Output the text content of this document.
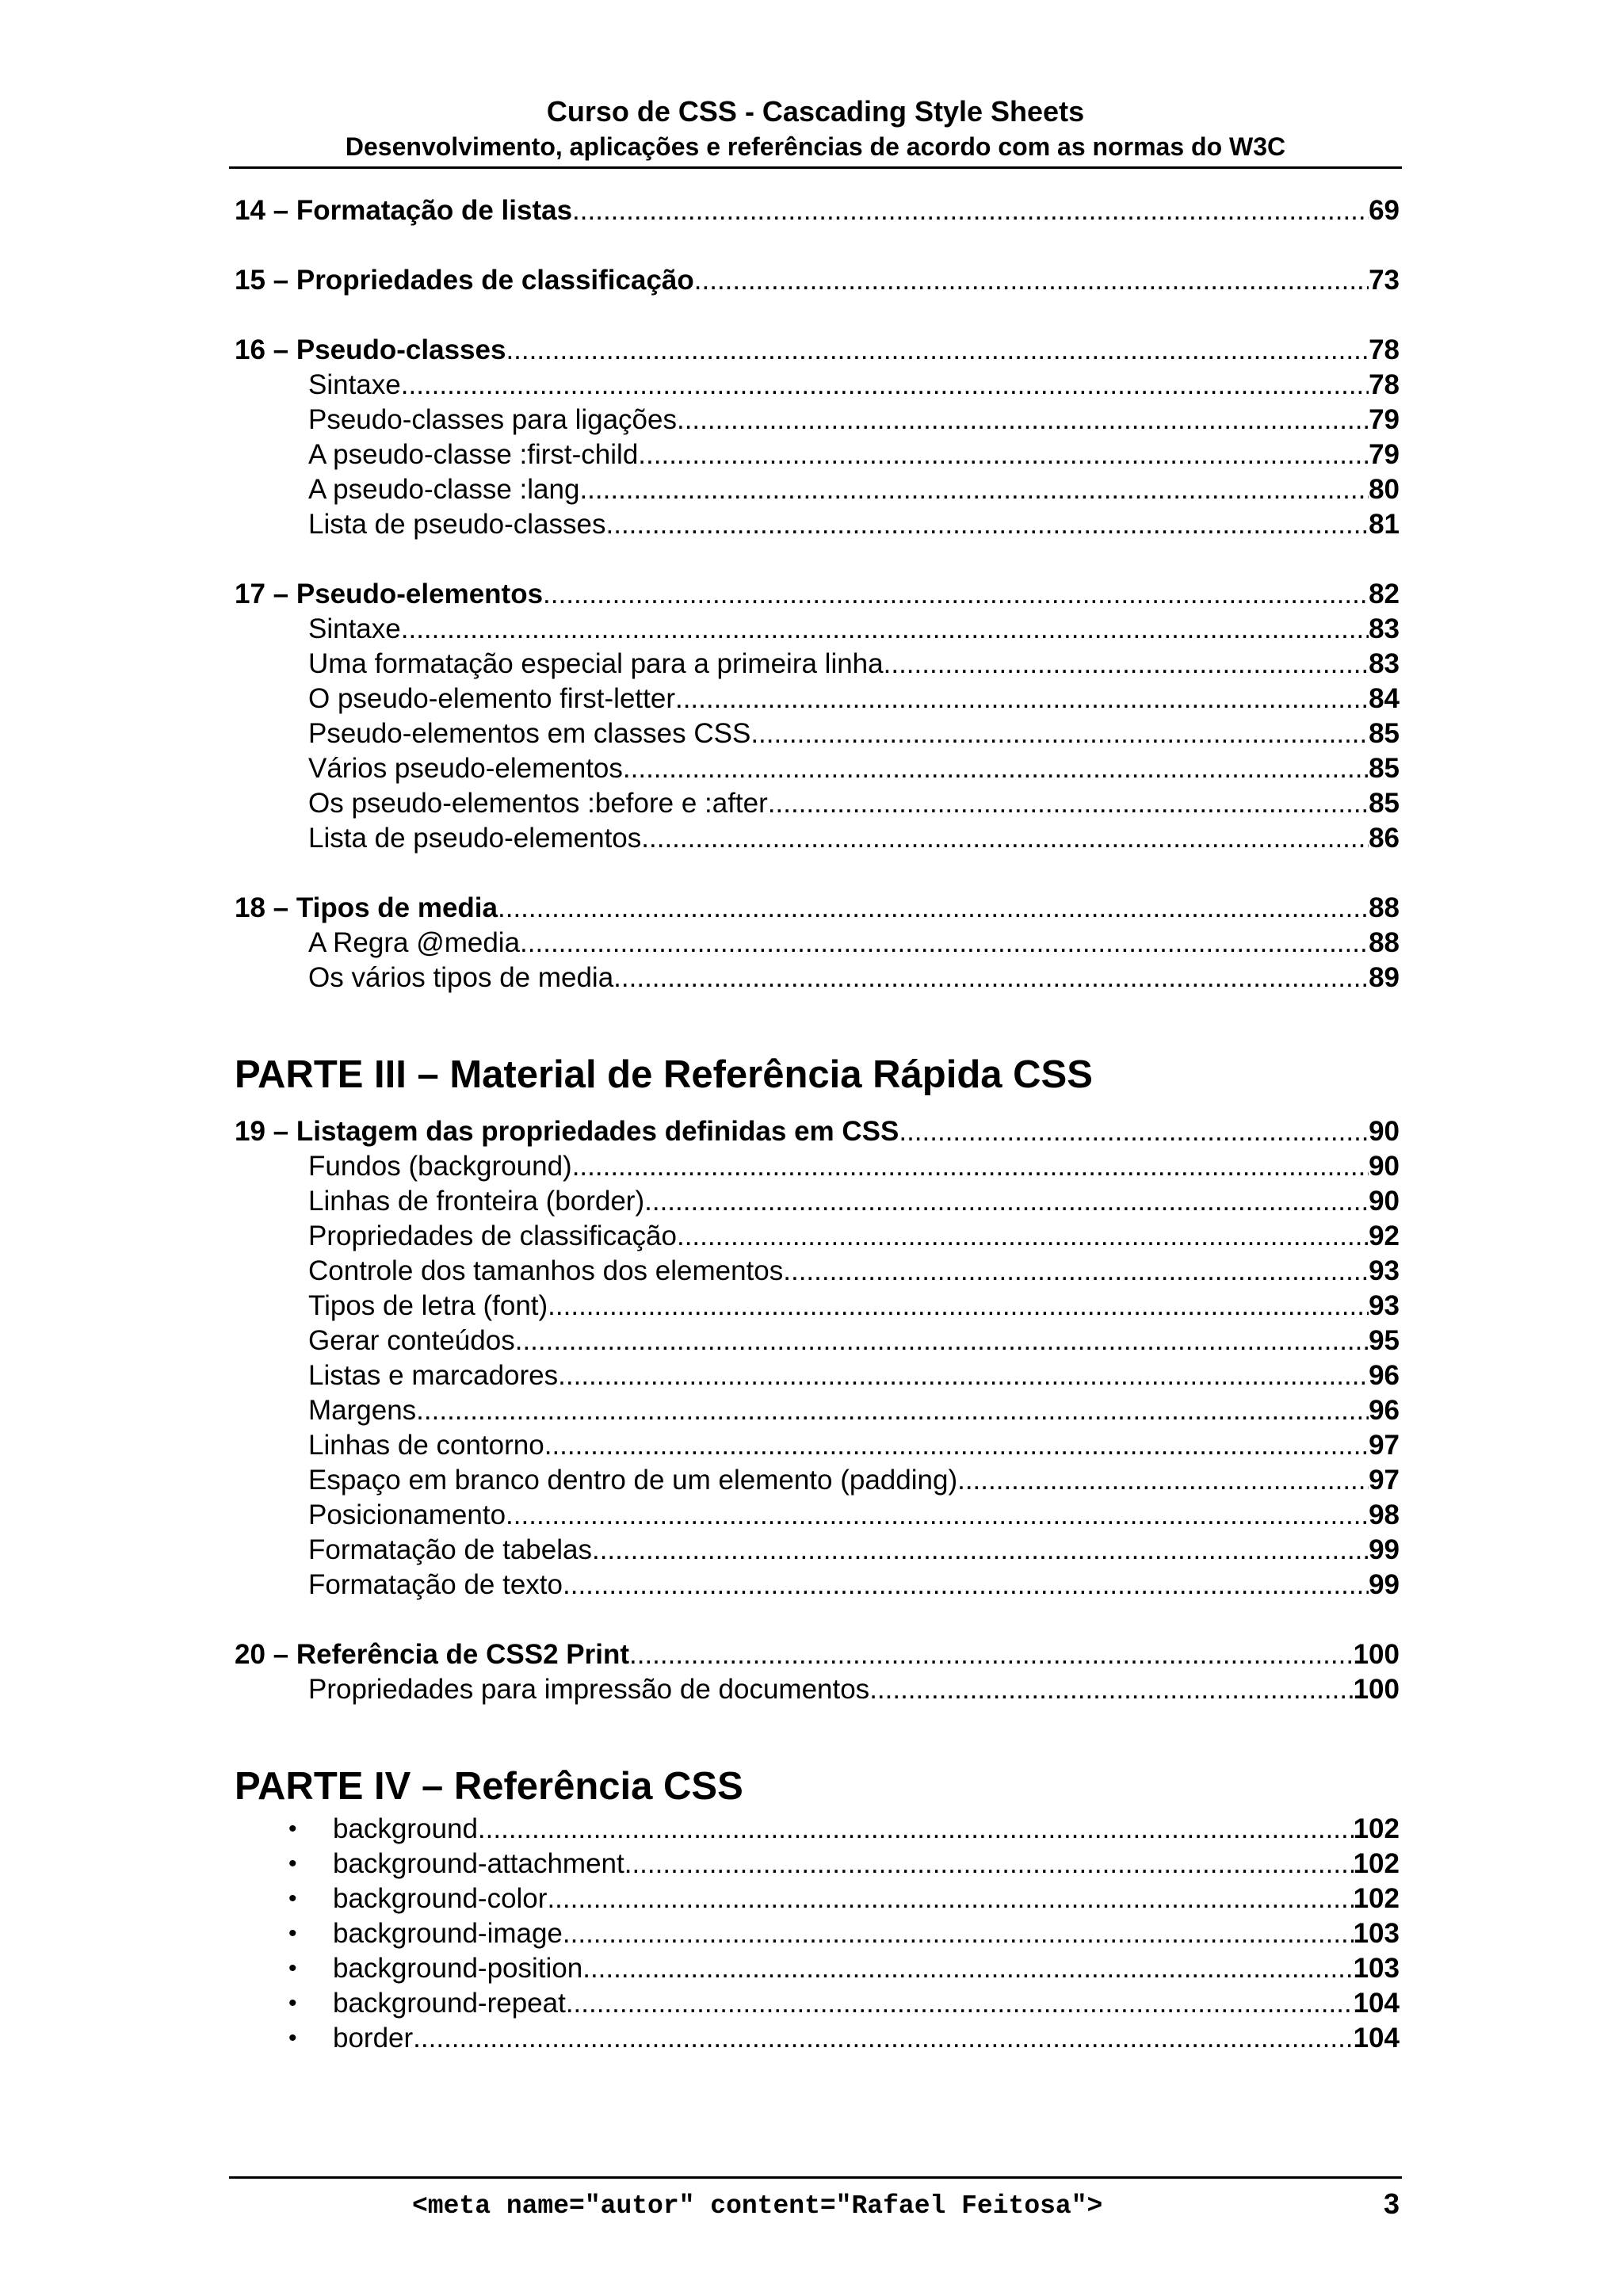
Curso de CSS - Cascading Style Sheets
Desenvolvimento, aplicações e referências de acordo com as normas do W3C
14 – Formatação de listas .....	69
15 – Propriedades de classificação .....	73
16 – Pseudo-classes .....	78
Sintaxe .....	78
Pseudo-classes para ligações .....	79
A pseudo-classe :first-child .....	79
A pseudo-classe :lang .....	80
Lista de pseudo-classes .....	81
17 – Pseudo-elementos .....	82
Sintaxe .....	83
Uma formatação especial para a primeira linha .....	83
O pseudo-elemento first-letter .....	84
Pseudo-elementos em classes CSS .....	85
Vários pseudo-elementos .....	85
Os pseudo-elementos :before e :after .....	85
Lista de pseudo-elementos .....	86
18 – Tipos de media .....	88
A Regra @media .....	88
Os vários tipos de media .....	89
PARTE III – Material de Referência Rápida CSS
19 – Listagem das propriedades definidas em CSS .....	90
Fundos (background) .....	90
Linhas de fronteira (border) .....	90
Propriedades de classificação .....	92
Controle dos tamanhos dos elementos .....	93
Tipos de letra (font) .....	93
Gerar conteúdos .....	95
Listas e marcadores .....	96
Margens .....	96
Linhas de contorno .....	97
Espaço em branco dentro de um elemento (padding) .....	97
Posicionamento .....	98
Formatação de tabelas .....	99
Formatação de texto .....	99
20 – Referência de CSS2 Print .....	100
Propriedades para impressão de documentos .....	100
PARTE IV – Referência CSS
• background .....	102
• background-attachment .....	102
• background-color .....	102
• background-image .....	103
• background-position .....	103
• background-repeat .....	104
• border .....	104
<meta name="autor" content="Rafael Feitosa">	3
